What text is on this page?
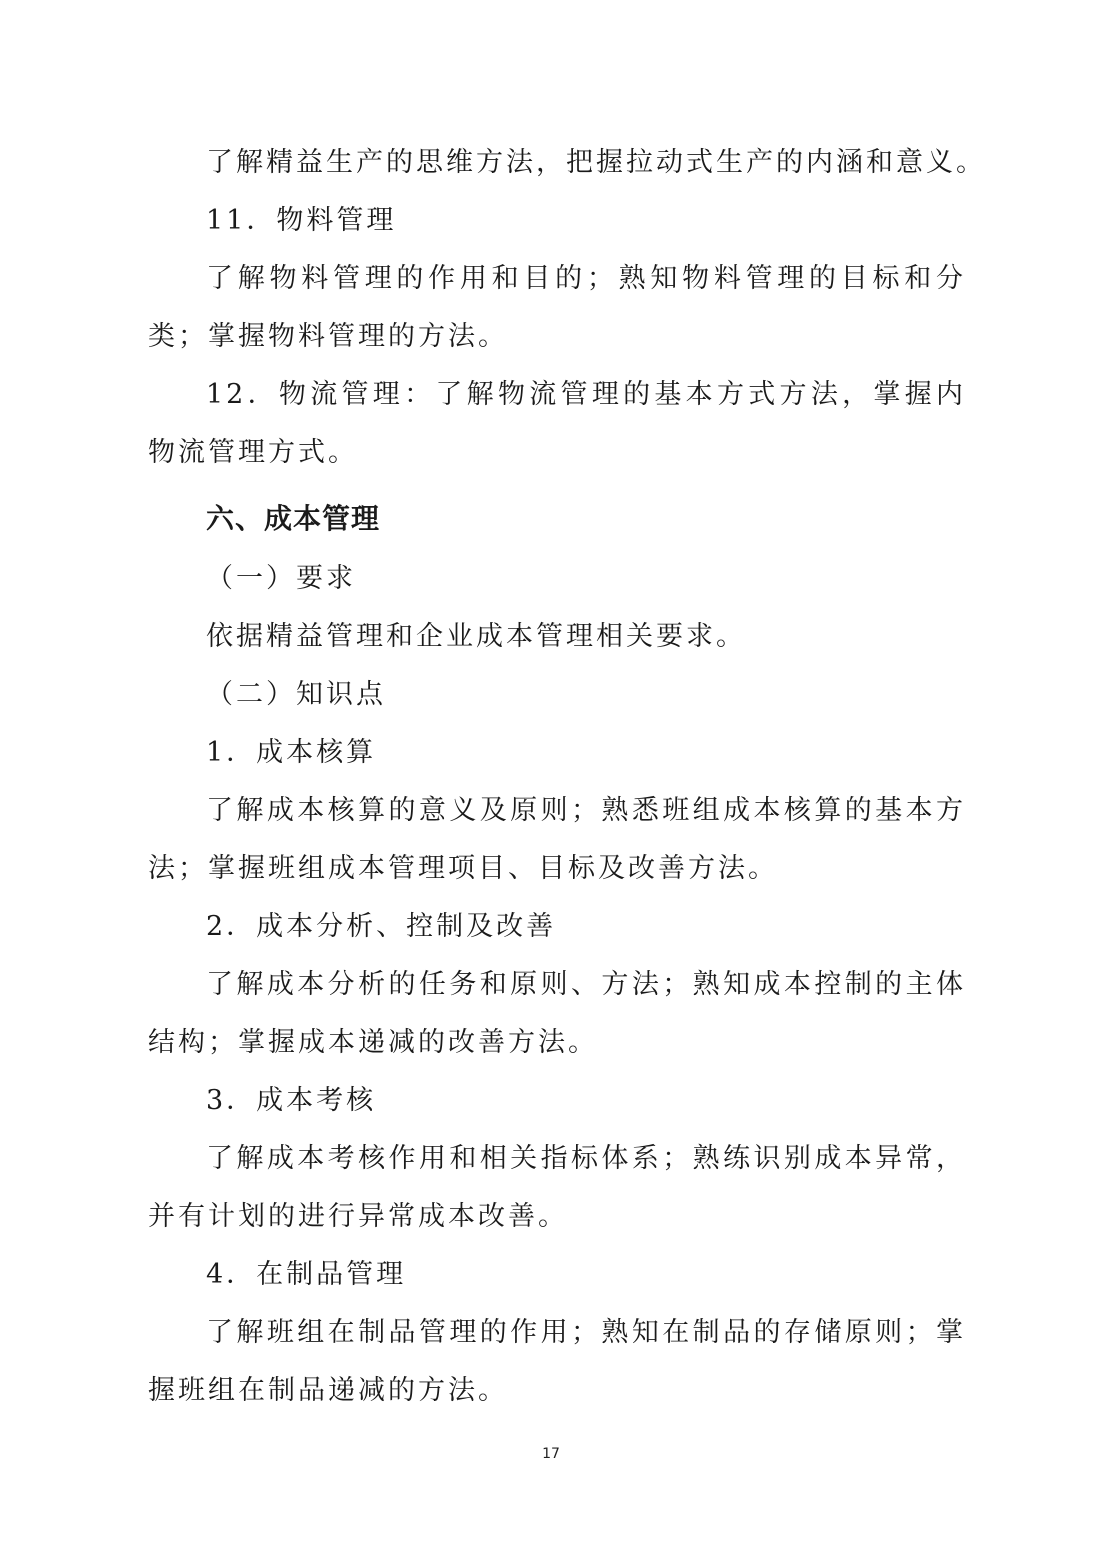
了解精益生产的思维方法，把握拉动式生产的内涵和意义。
11．物料管理
了解物料管理的作用和目的；熟知物料管理的目标和分类；掌握物料管理的方法。
12．物流管理：了解物流管理的基本方式方法，掌握内物流管理方式。
六、成本管理
（一）要求
依据精益管理和企业成本管理相关要求。
（二）知识点
1．成本核算
了解成本核算的意义及原则；熟悉班组成本核算的基本方法；掌握班组成本管理项目、目标及改善方法。
2．成本分析、控制及改善
了解成本分析的任务和原则、方法；熟知成本控制的主体结构；掌握成本递减的改善方法。
3．成本考核
了解成本考核作用和相关指标体系；熟练识别成本异常，并有计划的进行异常成本改善。
4．在制品管理
了解班组在制品管理的作用；熟知在制品的存储原则；掌握班组在制品递减的方法。
17
